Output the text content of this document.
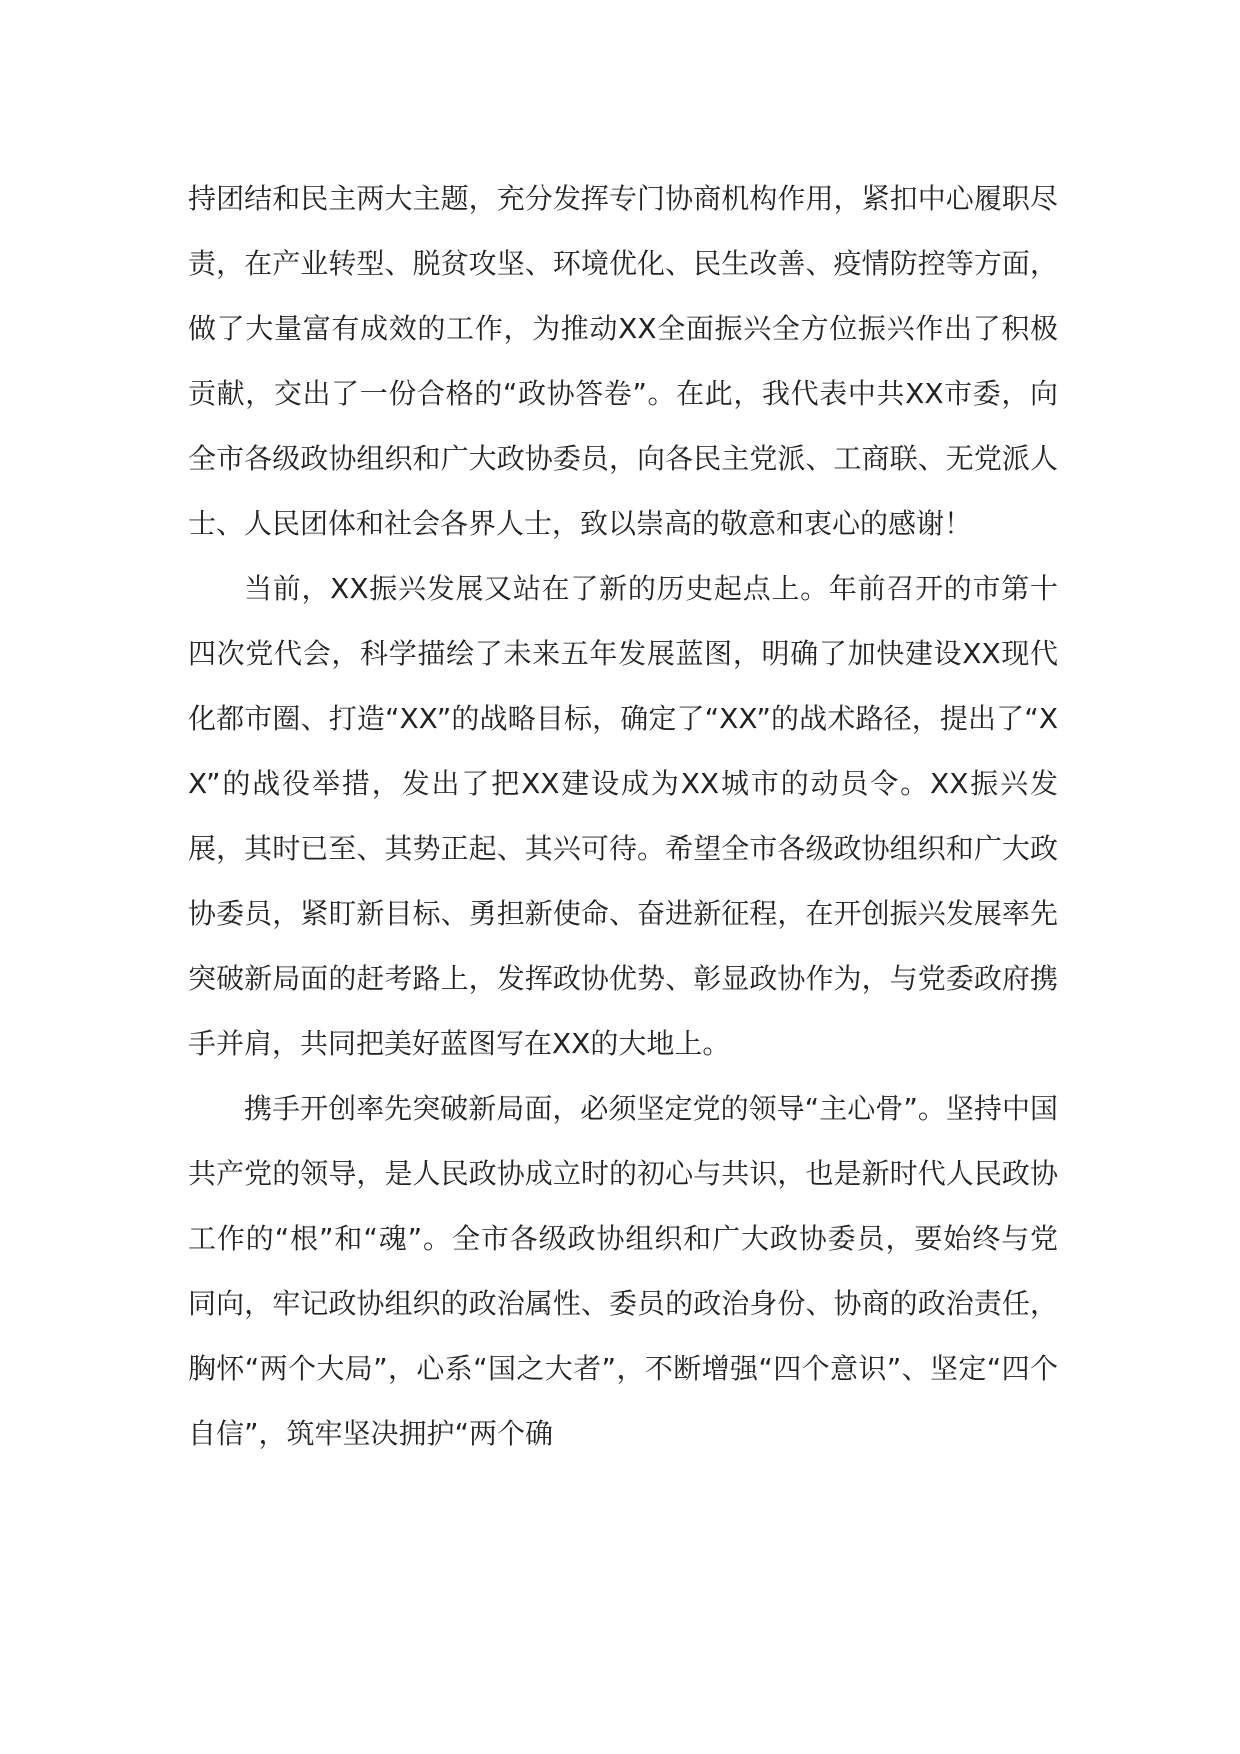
持团结和民主两大主题，充分发挥专门协商机构作用，紧扣中心履职尽责，在产业转型、脱贫攻坚、环境优化、民生改善、疫情防控等方面，做了大量富有成效的工作，为推动XX全面振兴全方位振兴作出了积极贡献，交出了一份合格的“政协答卷”。在此，我代表中共XX市委，向全市各级政协组织和广大政协委员，向各民主党派、工商联、无党派人士、人民团体和社会各界人士，致以崇高的敬意和衷心的感谢！

当前，XX振兴发展又站在了新的历史起点上。年前召开的市第十四次党代会，科学描绘了未来五年发展蓝图，明确了加快建设XX现代化都市圈、打造“XX”的战略目标，确定了“XX”的战术路径，提出了“XX”的战役举措，发出了把XX建设成为XX城市的动员令。XX振兴发展，其时已至、其势正起、其兴可待。希望全市各级政协组织和广大政协委员，紧盯新目标、勇担新使命、奋进新征程，在开创振兴发展率先突破新局面的赶考路上，发挥政协优势、彰显政协作为，与党委政府携手并肩，共同把美好蓝图写在XX的大地上。

携手开创率先突破新局面，必须坚定党的领导“主心骨”。坚持中国共产党的领导，是人民政协成立时的初心与共识，也是新时代人民政协工作的“根”和“魂”。全市各级政协组织和广大政协委员，要始终与党同向，牢记政协组织的政治属性、委员的政治身份、协商的政治责任，胸怀“两个大局”，心系“国之大者”，不断增强“四个意识”、坚定“四个自信”，筑牢坚决拥护“两个确
